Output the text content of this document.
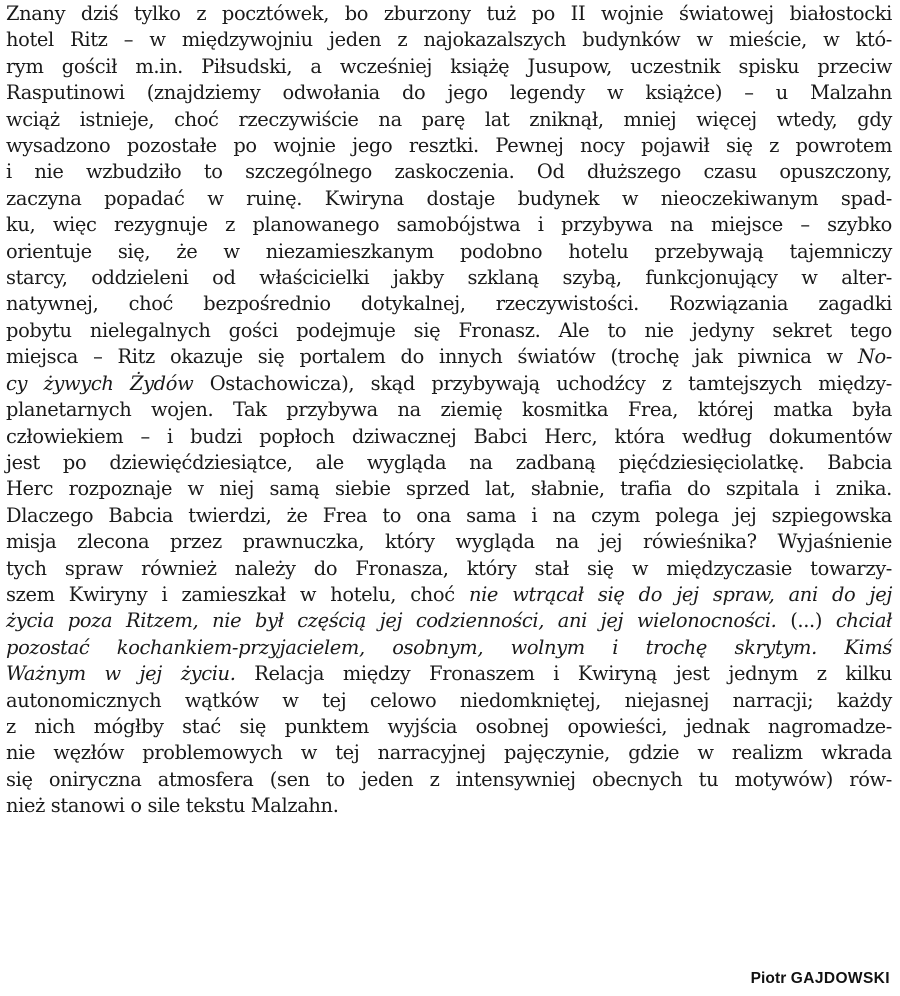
Znany dziś tylko z pocztówek, bo zburzony tuż po II wojnie światowej białostocki
hotel Ritz – w międzywojniu jeden z najokazalszych budynków w mieście, w któ-
rym gościł m.in. Piłsudski, a wcześniej książę Jusupow, uczestnik spisku przeciw
Rasputinowi (znajdziemy odwołania do jego legendy w książce) – u Malzahn
wciąż istnieje, choć rzeczywiście na parę lat zniknął, mniej więcej wtedy, gdy
wysadzono pozostałe po wojnie jego resztki. Pewnej nocy pojawił się z powrotem
i nie wzbudziło to szczególnego zaskoczenia. Od dłuższego czasu opuszczony,
zaczyna popadać w ruinę. Kwiryna dostaje budynek w nieoczekiwanym spad-
ku, więc rezygnuje z planowanego samobójstwa i przybywa na miejsce – szybko
orientuje się, że w niezamieszkanym podobno hotelu przebywają tajemniczy
starcy, oddzieleni od właścicielki jakby szklaną szybą, funkcjonujący w alter-
natywnej, choć bezpośrednio dotykalnej, rzeczywistości. Rozwiązania zagadki
pobytu nielegalnych gości podejmuje się Fronasz. Ale to nie jedyny sekret tego
miejsca – Ritz okazuje się portalem do innych światów (trochę jak piwnica w No-
cy żywych Żydów Ostachowicza), skąd przybywają uchodźcy z tamtejszych między-
planetarnych wojen. Tak przybywa na ziemię kosmitka Frea, której matka była
człowiekiem – i budzi popłoch dziwacznej Babci Herc, która według dokumentów
jest po dziewięćdziesiątce, ale wygląda na zadbaną pięćdziesięciolatkę. Babcia
Herc rozpoznaje w niej samą siebie sprzed lat, słabnie, trafia do szpitala i znika.
Dlaczego Babcia twierdzi, że Frea to ona sama i na czym polega jej szpiegowska
misja zlecona przez prawnuczka, który wygląda na jej rówieśnika? Wyjaśnienie
tych spraw również należy do Fronasza, który stał się w międzyczasie towarzy-
szem Kwiryny i zamieszkał w hotelu, choć nie wtrącał się do jej spraw, ani do jej
życia poza Ritzem, nie był częścią jej codzienności, ani jej wielonocności. (...) chciał
pozostać kochankiem-przyjacielem, osobnym, wolnym i trochę skrytym. Kimś
Ważnym w jej życiu. Relacja między Fronaszem i Kwiryną jest jednym z kilku
autonomicznych wątków w tej celowo niedomkniętej, niejasnej narracji; każdy
z nich mógłby stać się punktem wyjścia osobnej opowieści, jednak nagromadze-
nie węzłów problemowych w tej narracyjnej pajęczynie, gdzie w realizm wkrada
się oniryczna atmosfera (sen to jeden z intensywniej obecnych tu motywów) rów-
nież stanowi o sile tekstu Malzahn.

Piotr GAJDOWSKI
